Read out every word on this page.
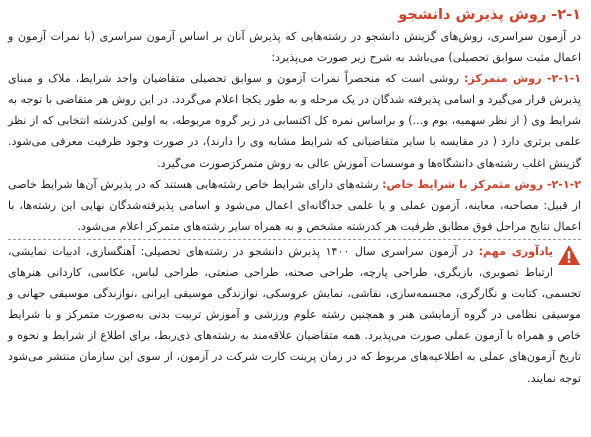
۲-۱- روش پذیرش دانشجو

در آزمون سراسری، روش‌های گزینش دانشجو در رشته‌هایی که پذیرش آنان بر اساس آزمون سراسری (با نمرات آزمون و اعمال مثبت سوابق تحصیلی) می‌باشد به شرح زیر صورت می‌پذیرد:

۲-۱-۱- روش متمرکز: روشی است که منحصراً نمرات آزمون و سوابق تحصیلی متقاضیان واجد شرایط، ملاک و مبنای پذیرش قرار می‌گیرد و اسامی پذیرفته شدگان در یک مرحله و به طور یکجا اعلام می‌گردد. در این روش هر متقاضی با توجه به شرایط وی ( از نظر سهمیه، بوم و...) و براساس نمره کل اکتسابی در زیر گروه مربوطه، به اولین کدرشته انتخابی که از نظر علمی برتری دارد ( در مقایسه با سایر متقاضیانی که شرایط مشابه وی را دارند)، در صورت وجود ظرفیت معرفی می‌شود. گزینش اغلب رشته‌های دانشگاه‌ها و موسسات آموزش عالی به روش متمرکزصورت می‌گیرد.

۲-۱-۲- روش متمرکز با شرایط خاص: رشته‌های دارای شرایط خاص رشته‌هایی هستند که در پذیرش آن‌ها شرایط خاصی از قبیل: مصاحبه، معاینه، آزمون عملی و یا علمی جداگانه‌ای اعمال می‌شود و اسامی پذیرفته‌شدگان نهایی این رشته‌ها، با اعمال نتایج مراحل فوق مطابق ظرفیت هر کدرشته مشخص و به همراه سایر رشته‌های متمرکز اعلام می‌شود.

یادآوری مهم: در آزمون سراسری سال ۱۴۰۰ پذیرش دانشجو در رشته‌های تحصیلی: آهنگسازی، ادبیات نمایشی، ارتباط تصویری، بازیگری، طراحی پارچه، طراحی صحنه، طراحی صنعتی، طراحی لباس، عکاسی، کاردانی هنرهای تجسمی، کتابت و نگارگری، مجسمه‌سازی، نقاشی، نمایش عروسکی، نوازندگی موسیقی ایرانی ،نوازندگی موسیقی جهانی و موسیقی نظامی در گروه آزمایشی هنر و همچنین رشته علوم ورزشی و آموزش تربیت بدنی به‌صورت متمرکز و با شرایط خاص و همراه با آزمون عملی صورت می‌پذیرد. همه متقاضیان علاقه‌مند به رشته‌های ذی‌ربط، برای اطلاع از شرایط و نحوه و تاریخ آزمون‌های عملی به اطلاعیه‌های مربوط که در زمان پرینت کارت شرکت در آزمون، از سوی این سازمان منتشر می‌شود توجه نمایند.
